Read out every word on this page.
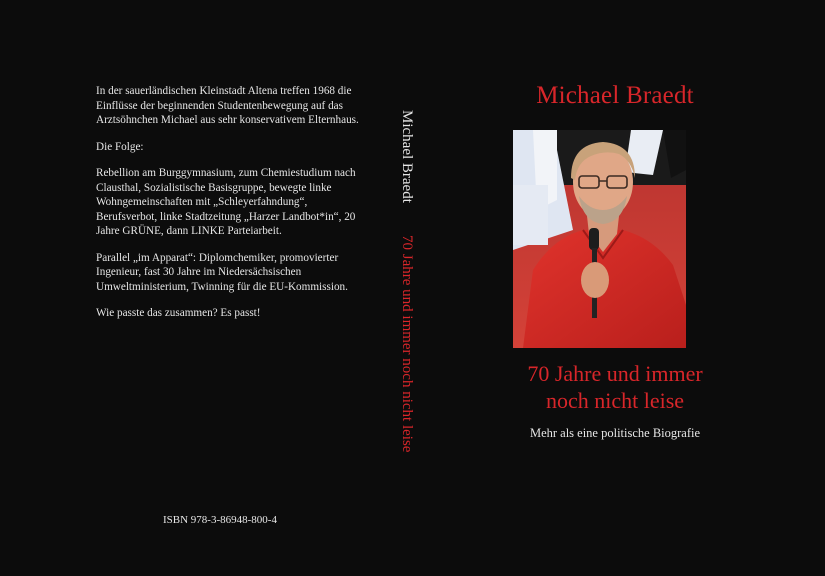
In der sauerländischen Kleinstadt Altena treffen 1968 die Einflüsse der beginnenden Studentenbewegung auf das Arztsöhnchen Michael aus sehr konservativem Elternhaus.

Die Folge:

Rebellion am Burggymnasium, zum Chemiestudium nach Clausthal, Sozialistische Basisgruppe, bewegte linke Wohngemeinschaften mit „Schleyerfahndung“, Berufsverbot, linke Stadtzeitung „Harzer Landbot*in“, 20 Jahre GRÜNE, dann LINKE Parteiarbeit.

Parallel „im Apparat“: Diplomchemiker, promovierter Ingenieur, fast 30 Jahre im Niedersächsischen Umweltministerium, Twinning für die EU-Kommission.

Wie passte das zusammen? Es passt!

ISBN 978-3-86948-800-4
Michael Braedt70 Jahre und immer noch nicht leise
Michael Braedt
70 Jahre und immer
noch nicht leise
Mehr als eine politische Biografie
